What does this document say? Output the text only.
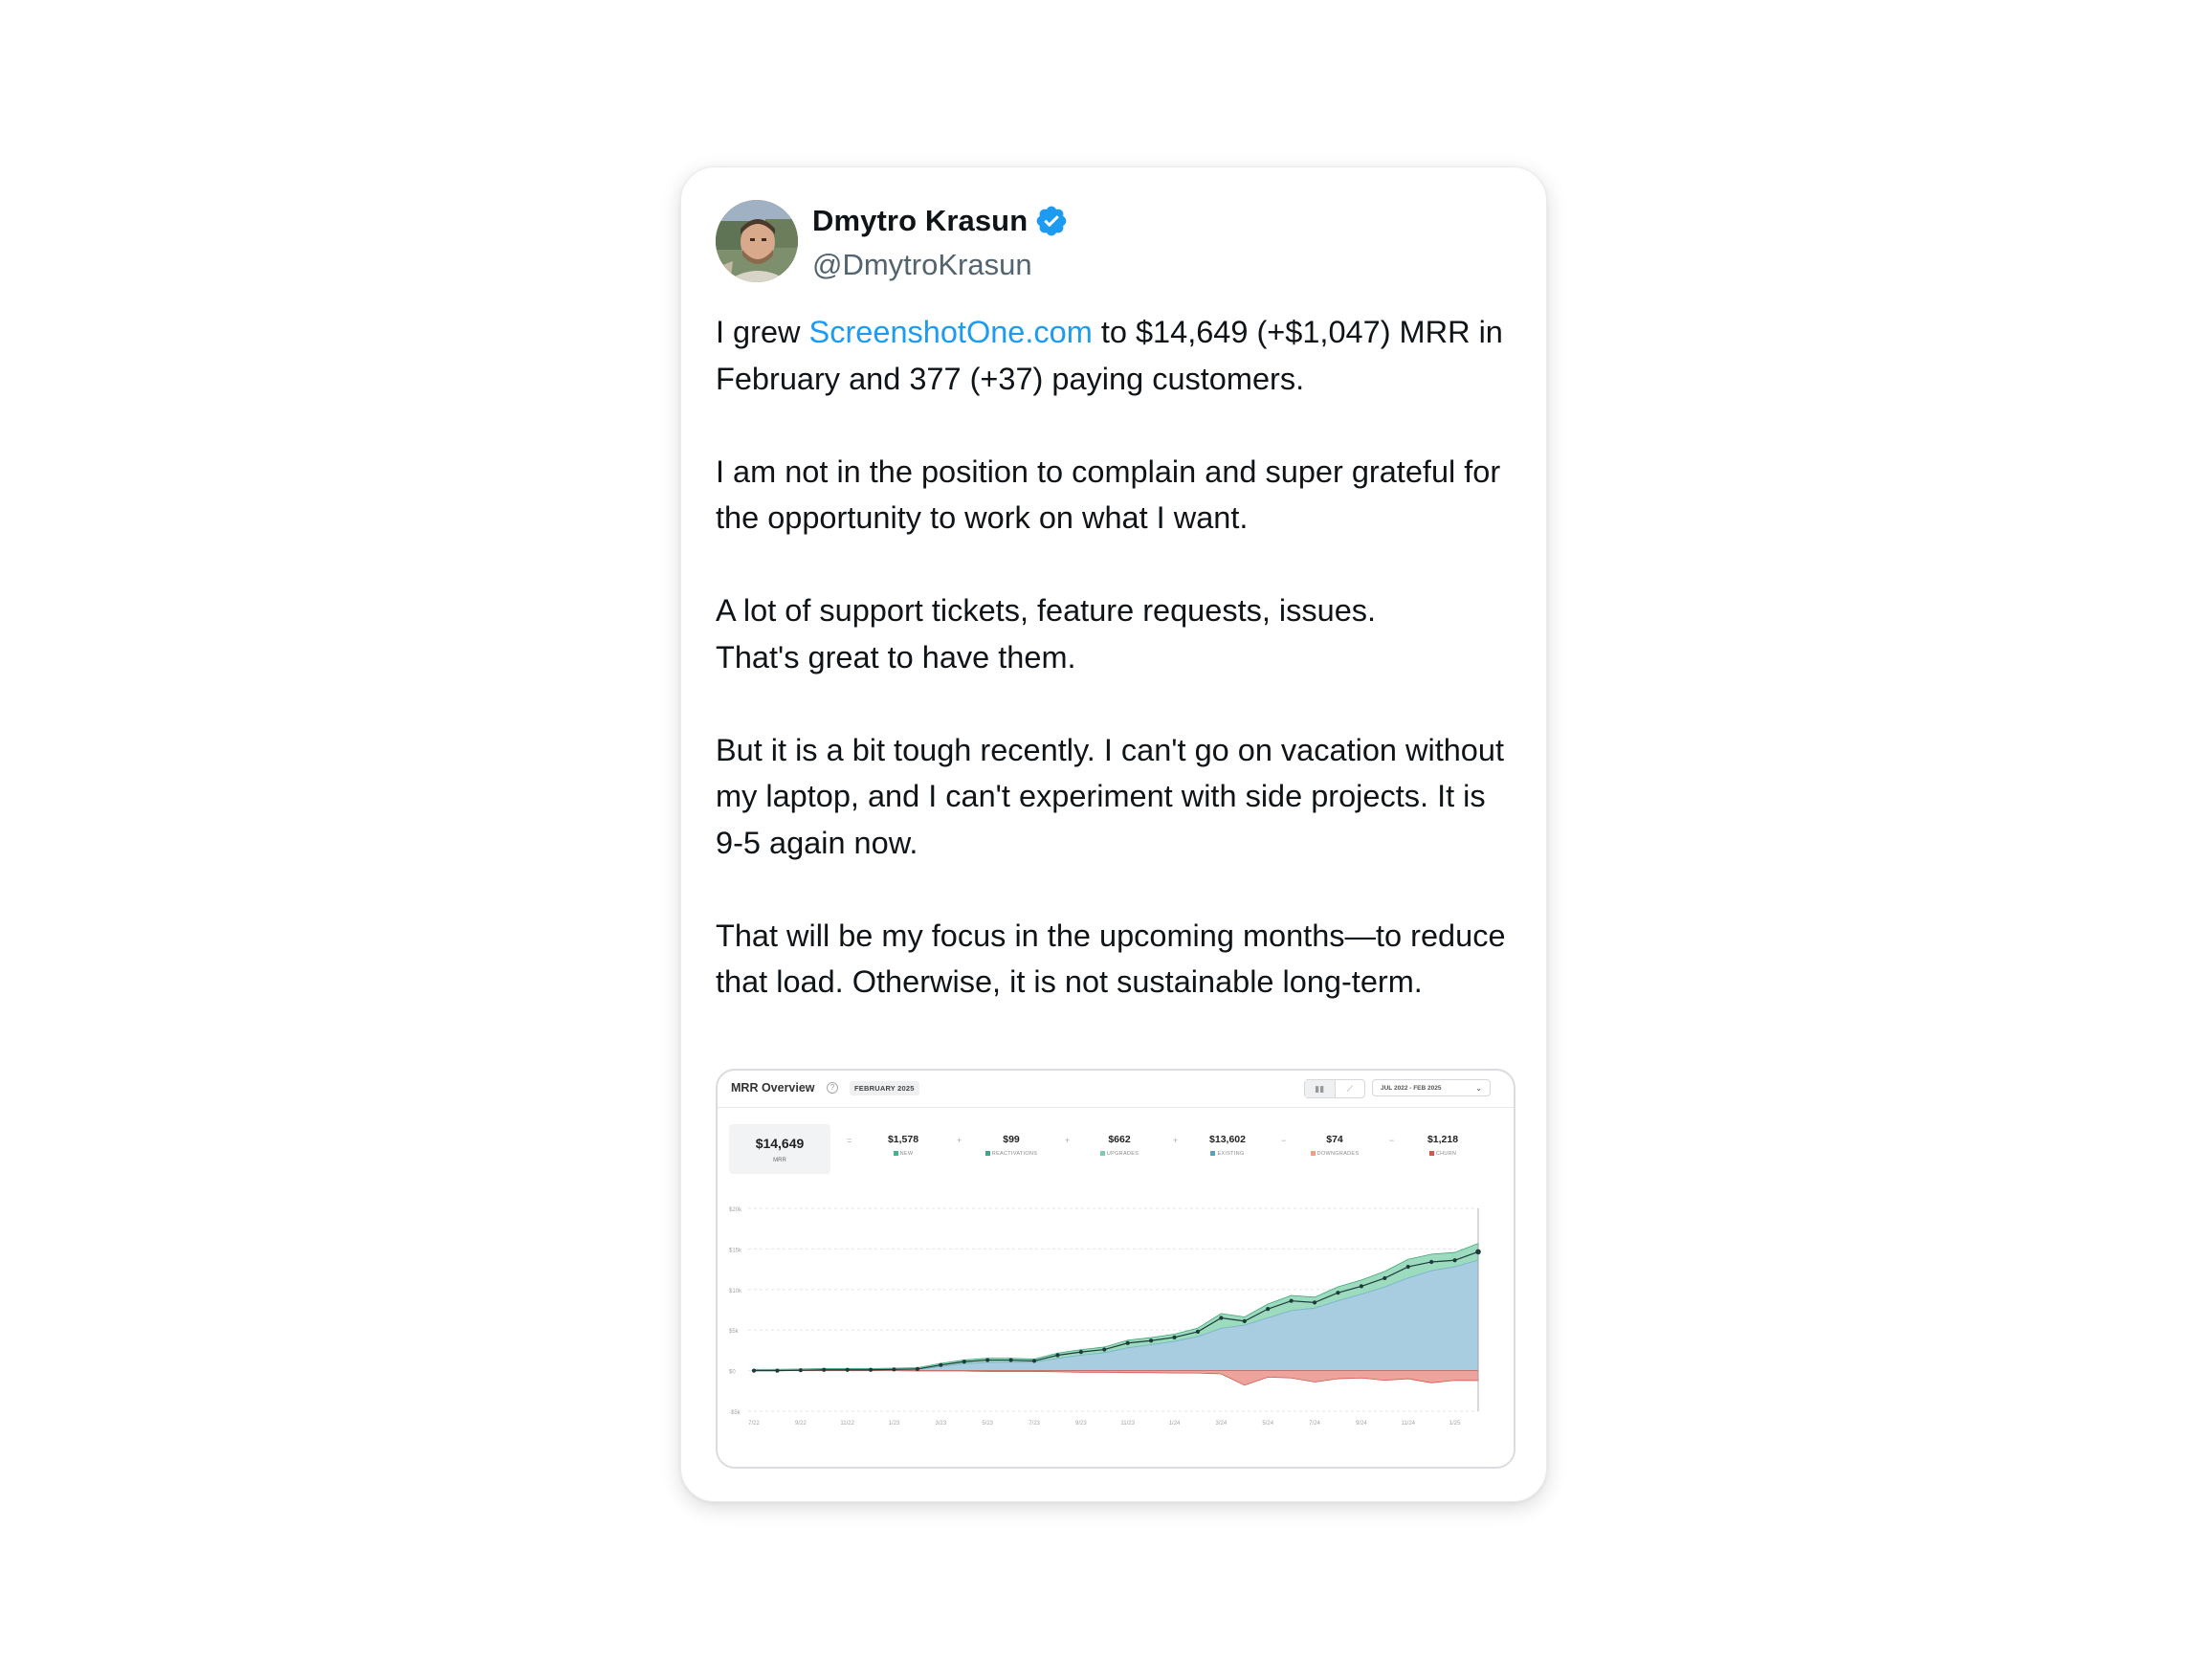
Dmytro Krasun
@DmytroKrasun

I grew ScreenshotOne.com to $14,649 (+$1,047) MRR in February and 377 (+37) paying customers.

I am not in the position to complain and super grateful for the opportunity to work on what I want.

A lot of support tickets, feature requests, issues.
That's great to have them.

But it is a bit tough recently. I can't go on vacation without my laptop, and I can't experiment with side projects. It is 9-5 again now.

That will be my focus in the upcoming months—to reduce that load. Otherwise, it is not sustainable long-term.

MRR Overview	?	FEBRUARY 2025	▮▮	⟋	JUL 2022 - FEB 2025	⌄
$14,649
MRR
=	$1,578
NEW
+	$99
REACTIVATIONS
+	$662
UPGRADES
+	$13,602
EXISTING
−	$74
DOWNGRADES
−	$1,218
CHURN
-$5k
$0
$5k
$10k
$15k
$20k
7/22	9/22	11/22	1/23	3/23	5/23	7/23	9/23	11/23	1/24	3/24	5/24	7/24	9/24	11/24	1/25
